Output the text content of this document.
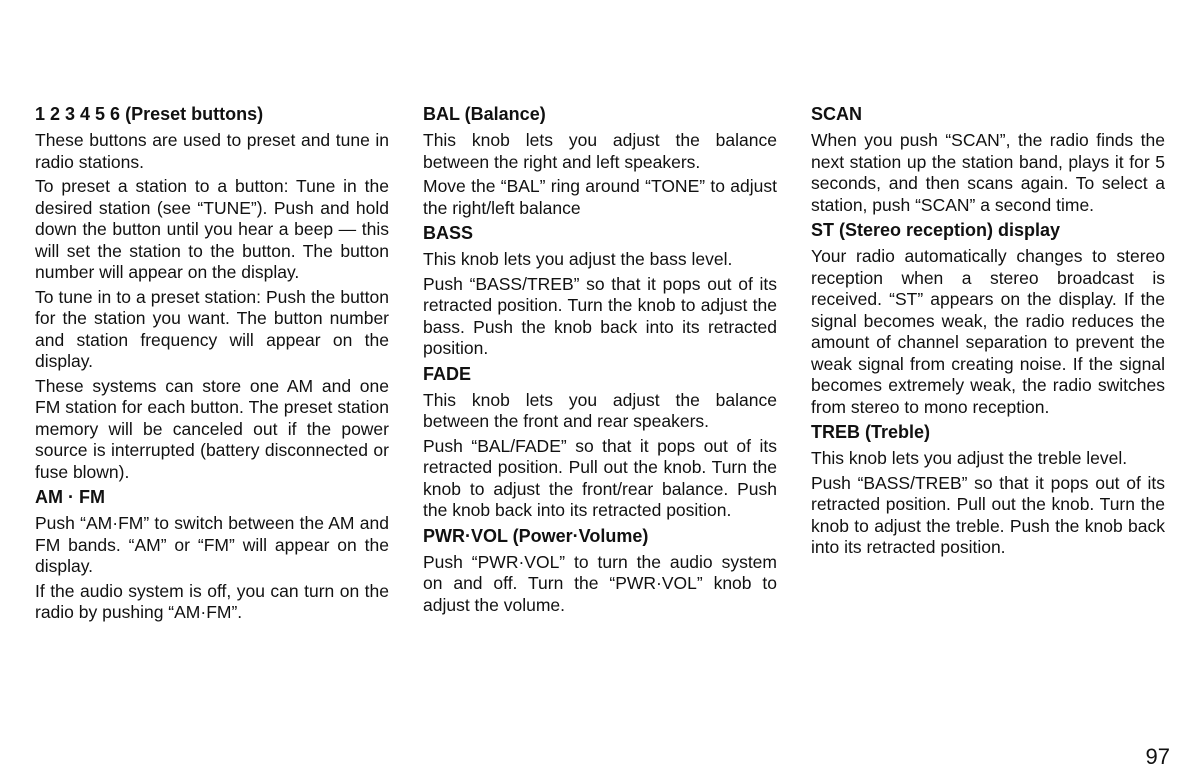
1 2 3 4 5 6 (Preset buttons)

These buttons are used to preset and tune in radio stations.

To preset a station to a button: Tune in the desired station (see “TUNE”). Push and hold down the button until you hear a beep — this will set the station to the button. The button number will appear on the display.

To tune in to a preset station: Push the button for the station you want. The button number and station frequency will appear on the display.

These systems can store one AM and one FM station for each button. The preset station memory will be canceled out if the power source is interrupted (battery disconnected or fuse blown).

AM · FM

Push “AM·FM” to switch between the AM and FM bands. “AM” or “FM” will appear on the display.

If the audio system is off, you can turn on the radio by pushing “AM·FM”.

BAL (Balance)

This knob lets you adjust the balance between the right and left speakers.

Move the “BAL” ring around “TONE” to adjust the right/left balance

BASS

This knob lets you adjust the bass level.

Push “BASS/TREB” so that it pops out of its retracted position. Turn the knob to adjust the bass. Push the knob back into its retracted position.

FADE

This knob lets you adjust the balance between the front and rear speakers.

Push “BAL/FADE” so that it pops out of its retracted position. Pull out the knob. Turn the knob to adjust the front/rear balance. Push the knob back into its retracted position.

PWR·VOL (Power·Volume)

Push “PWR·VOL” to turn the audio system on and off. Turn the “PWR·VOL” knob to adjust the volume.

SCAN

When you push “SCAN”, the radio finds the next station up the station band, plays it for 5 seconds, and then scans again. To select a station, push “SCAN” a second time.

ST (Stereo reception) display

Your radio automatically changes to stereo reception when a stereo broadcast is received. “ST” appears on the display. If the signal becomes weak, the radio reduces the amount of channel separation to prevent the weak signal from creating noise. If the signal becomes extremely weak, the radio switches from stereo to mono reception.

TREB (Treble)

This knob lets you adjust the treble level.

Push “BASS/TREB” so that it pops out of its retracted position. Pull out the knob. Turn the knob to adjust the treble. Push the knob back into its retracted position.

97
